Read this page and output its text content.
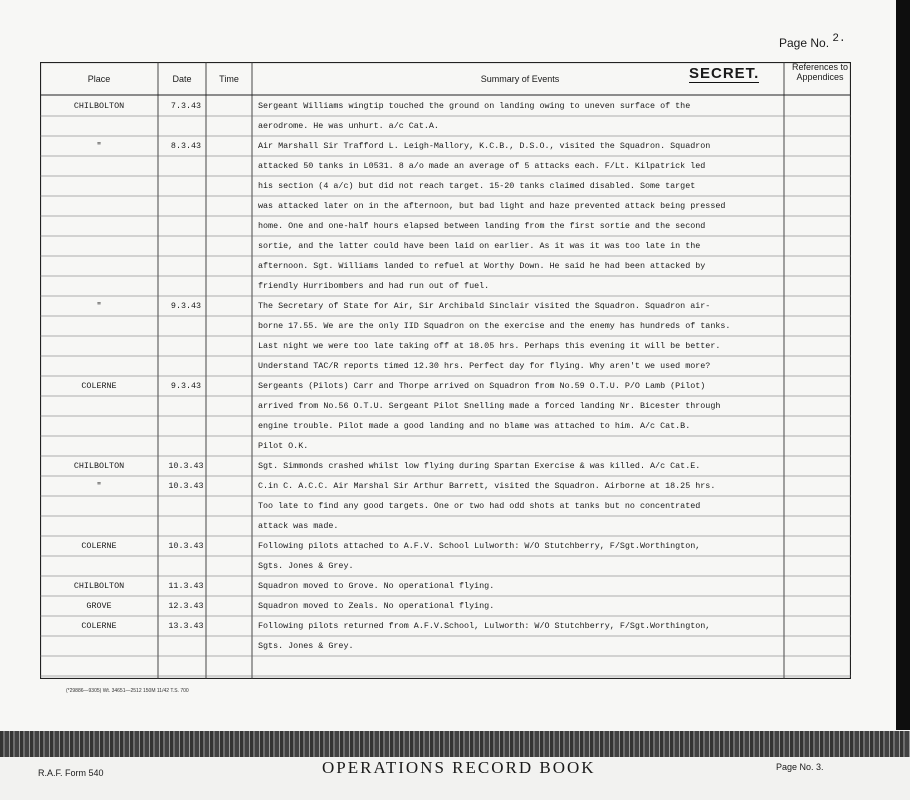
Page No. 2.
Place	Date	Time	Summary of Events
References to Appendices
SECRET.
CHILBOLTON	7.3.43	Sergeant Williams wingtip touched the ground on landing owing to uneven surface of the
aerodrome. He was unhurt. a/c Cat.A.
"	8.3.43	Air Marshall Sir Trafford L. Leigh-Mallory, K.C.B., D.S.O., visited the Squadron. Squadron
attacked 50 tanks in L0531. 8 a/o made an average of 5 attacks each. F/Lt. Kilpatrick led
his section (4 a/c) but did not reach target. 15-20 tanks claimed disabled. Some target
was attacked later on in the afternoon, but bad light and haze prevented attack being pressed
home. One and one-half hours elapsed between landing from the first sortie and the second
sortie, and the latter could have been laid on earlier. As it was it was too late in the
afternoon. Sgt. Williams landed to refuel at Worthy Down. He said he had been attacked by
friendly Hurribombers and had run out of fuel.
"	9.3.43	The Secretary of State for Air, Sir Archibald Sinclair visited the Squadron. Squadron air-
borne 17.55. We are the only IID Squadron on the exercise and the enemy has hundreds of tanks.
Last night we were too late taking off at 18.05 hrs. Perhaps this evening it will be better.
Understand TAC/R reports timed 12.30 hrs. Perfect day for flying. Why aren't we used more?
COLERNE	9.3.43	Sergeants (Pilots) Carr and Thorpe arrived on Squadron from No.59 O.T.U. P/O Lamb (Pilot)
arrived from No.56 O.T.U. Sergeant Pilot Snelling made a forced landing Nr. Bicester through
engine trouble. Pilot made a good landing and no blame was attached to him. A/c Cat.B.
Pilot O.K.
CHILBOLTON	10.3.43	Sgt. Simmonds crashed whilst low flying during Spartan Exercise & was killed. A/c Cat.E.
"	10.3.43	C.in C. A.C.C. Air Marshal Sir Arthur Barrett, visited the Squadron. Airborne at 18.25 hrs.
Too late to find any good targets. One or two had odd shots at tanks but no concentrated
attack was made.
COLERNE	10.3.43	Following pilots attached to A.F.V. School Lulworth: W/O Stutchberry, F/Sgt.Worthington,
Sgts. Jones & Grey.
CHILBOLTON	11.3.43	Squadron moved to Grove. No operational flying.
GROVE	12.3.43	Squadron moved to Zeals. No operational flying.
COLERNE	13.3.43	Following pilots returned from A.F.V.School, Lulworth: W/O Stutchberry, F/Sgt.Worthington,
Sgts. Jones & Grey.
(*29886—9305) Wt. 34651—2512 150M 11/42 T.S. 700
R.A.F. Form 540	OPERATIONS RECORD BOOK	Page No. 3.
